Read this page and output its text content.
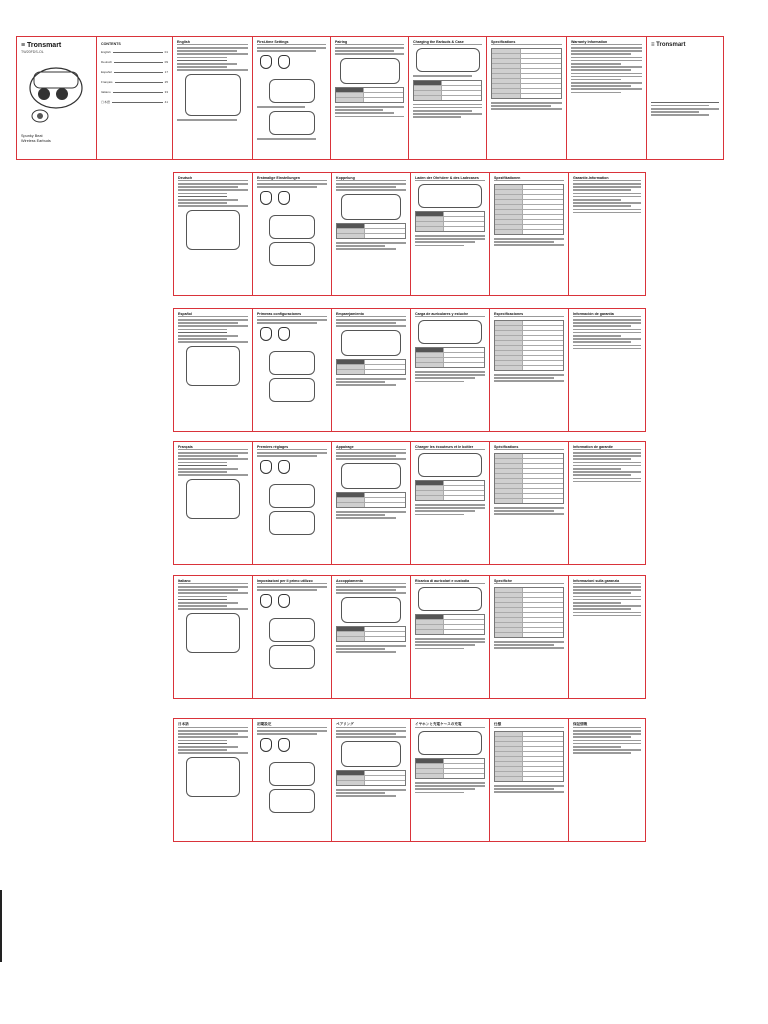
≡ Tronsmart
TW20FDS-OL
Spunky Beat
Wireless Earbuds
CONTENTS
English	01
Deutsch	09
Español	17
Français	25
Italiano	33
日本語	41
English	First-time Settings	Pairing	Charging the Earbuds & Case	Specifications	Warranty Information	≡ Tronsmart
Deutsch	Erstmalige Einstellungen	Koppelung	Laden der Ohrhörer & des Ladecases	Spezifikationen	Garantie-Information
Español	Primeras configuraciones	Emparejamiento	Carga de auriculares y estuche	Especificaciones	Información de garantía
Français	Premiers réglages	Appairage	Charger les écouteurs et le boîtier	Spécifications	Information de garantie
Italiano	Impostazioni per il primo utilizzo	Accoppiamento	Ricarica di auricolari e custodia	Specifiche	Informazioni sulla garanzia
日本語	初期設定	ペアリング	イヤホンと充電ケースの充電	仕様	保証情報
